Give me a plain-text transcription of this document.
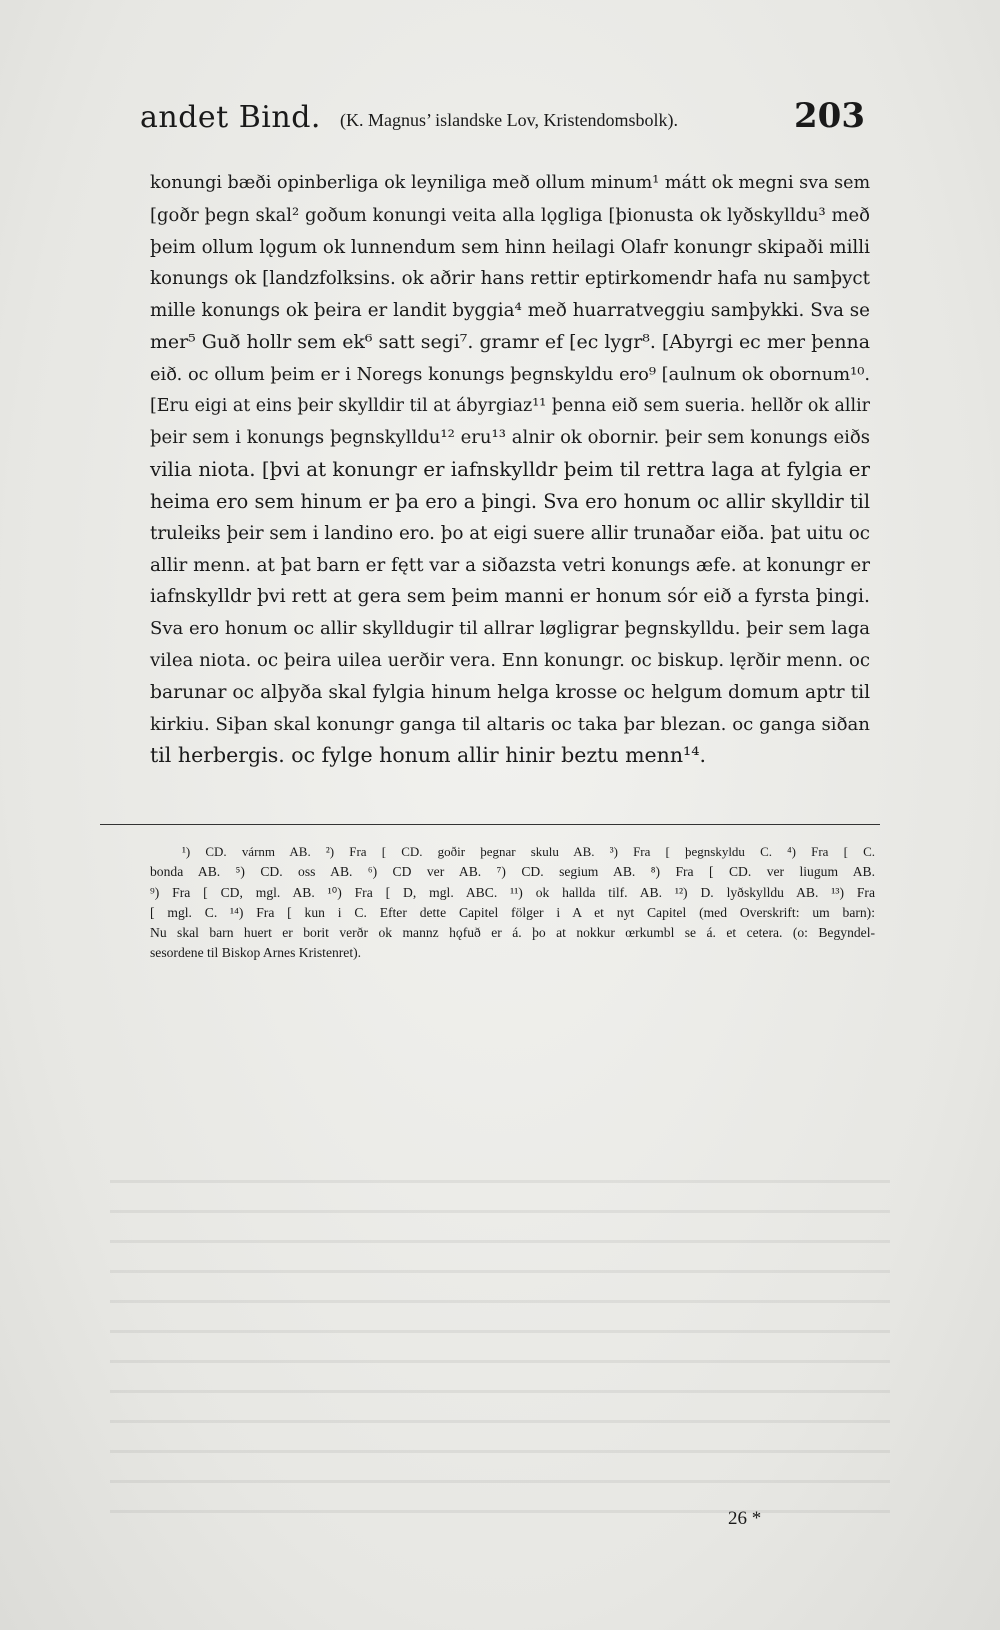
andet Bind. (K. Magnus’ islandske Lov, Kristendomsbolk).	203
konungi bæði opinberliga ok leyniliga með ollum minum¹ mátt ok megni sva sem
[goðr þegn skal² goðum konungi veita alla lǫgliga [þionusta ok lyðskylldu³ með
þeim ollum lǫgum ok lunnendum sem hinn heilagi Olafr konungr skipaði milli
konungs ok [landzfolksins. ok aðrir hans rettir eptirkomendr hafa nu samþyct
mille konungs ok þeira er landit byggia⁴ með huarratveggiu samþykki. Sva se
mer⁵ Guð hollr sem ek⁶ satt segi⁷. gramr ef [ec lygr⁸. [Abyrgi ec mer þenna
eið. oc ollum þeim er i Noregs konungs þegnskyldu ero⁹ [aulnum ok obornum¹⁰.
[Eru eigi at eins þeir skylldir til at ábyrgiaz¹¹ þenna eið sem sueria. hellðr ok allir
þeir sem i konungs þegnskylldu¹² eru¹³ alnir ok obornir. þeir sem konungs eiðs
vilia niota. [þvi at konungr er iafnskylldr þeim til rettra laga at fylgia er
heima ero sem hinum er þa ero a þingi. Sva ero honum oc allir skylldir til
truleiks þeir sem i landino ero. þo at eigi suere allir trunaðar eiða. þat uitu oc
allir menn. at þat barn er fętt var a siðazsta vetri konungs æfe. at konungr er
iafnskylldr þvi rett at gera sem þeim manni er honum sór eið a fyrsta þingi.
Sva ero honum oc allir skylldugir til allrar løgligrar þegnskylldu. þeir sem laga
vilea niota. oc þeira uilea uerðir vera. Enn konungr. oc biskup. lęrðir menn. oc
barunar oc alþyða skal fylgia hinum helga krosse oc helgum domum aptr til
kirkiu. Siþan skal konungr ganga til altaris oc taka þar blezan. oc ganga siðan
til herbergis. oc fylge honum allir hinir beztu menn¹⁴.
¹) CD. várnm AB. ²) Fra [ CD. goðir þegnar skulu AB. ³) Fra [ þegnskyldu C. ⁴) Fra [ C.
bonda AB. ⁵) CD. oss AB. ⁶) CD ver AB. ⁷) CD. segium AB. ⁸) Fra [ CD. ver liugum AB.
⁹) Fra [ CD, mgl. AB. ¹⁰) Fra [ D, mgl. ABC. ¹¹) ok hallda tilf. AB. ¹²) D. lyðskylldu AB. ¹³) Fra
[ mgl. C. ¹⁴) Fra [ kun i C. Efter dette Capitel fölger i A et nyt Capitel (med Overskrift: um barn):
Nu skal barn huert er borit verðr ok mannz hǫfuð er á. þo at nokkur œrkumbl se á. et cetera. (o: Begyndel-
sesordene til Biskop Arnes Kristenret).
26 *
